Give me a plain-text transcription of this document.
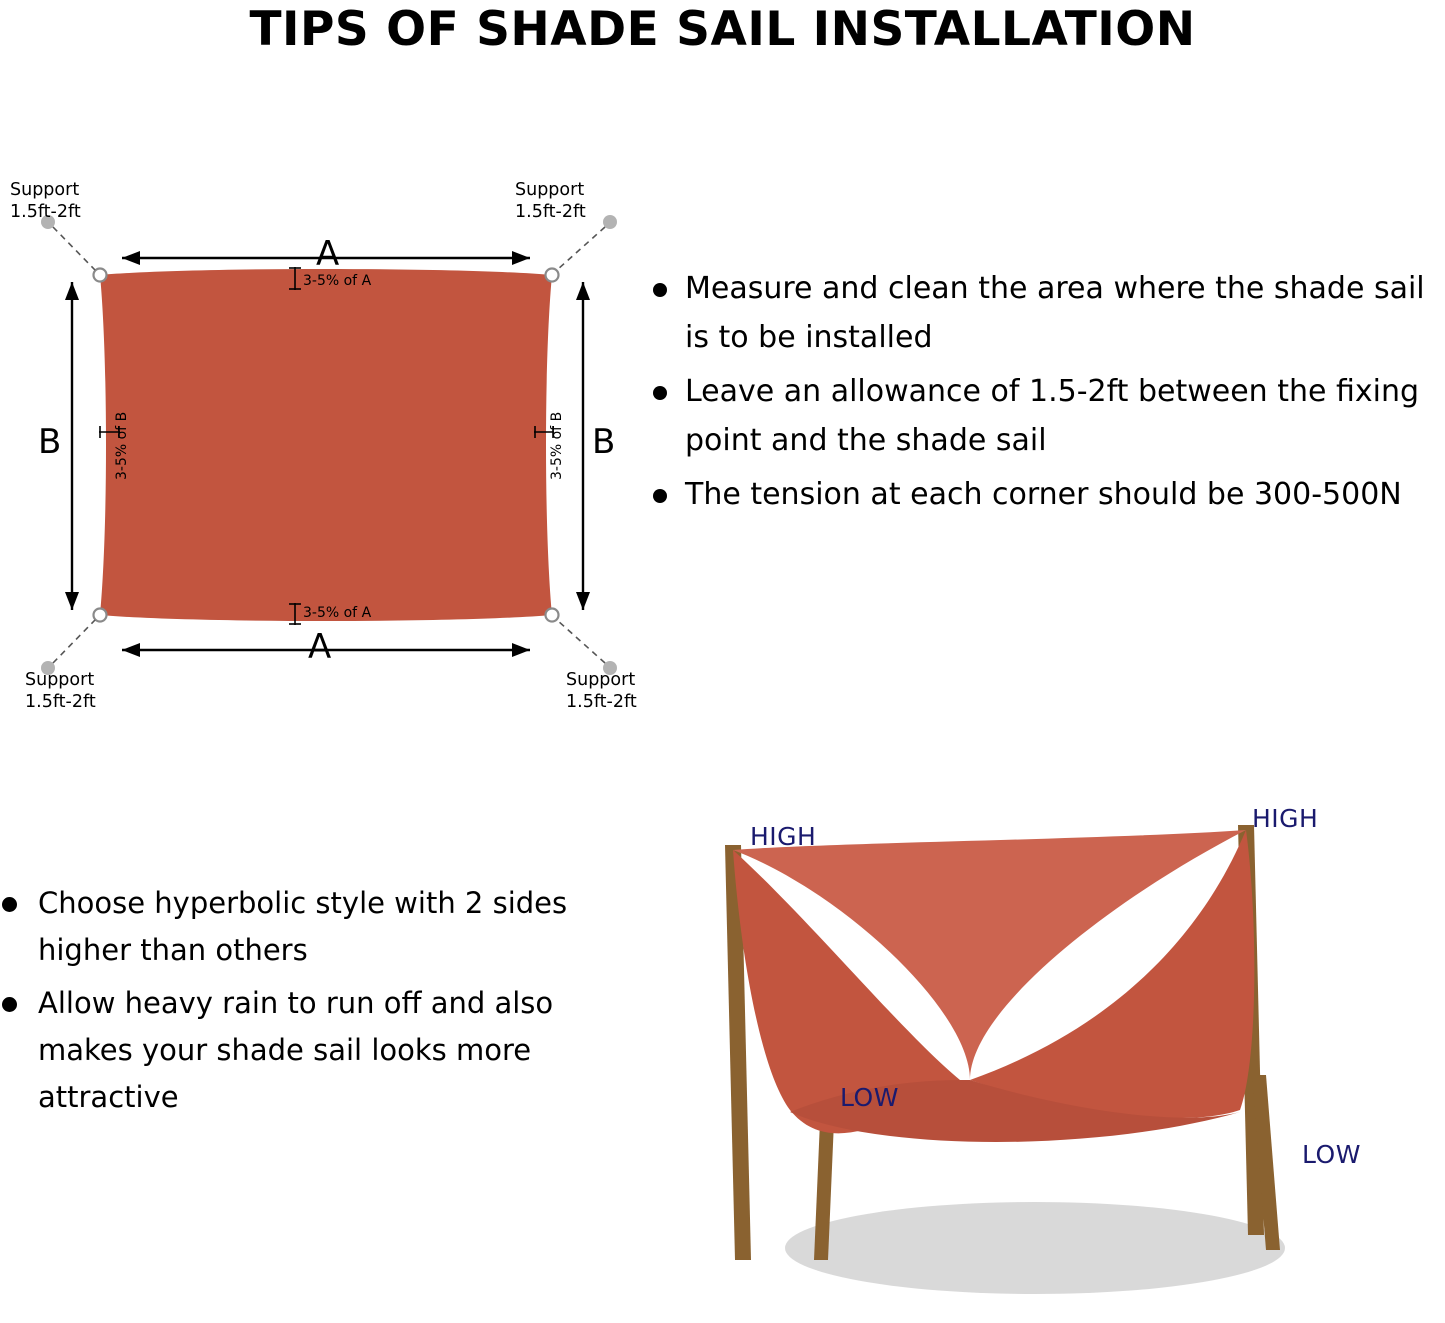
TIPS OF SHADE SAIL INSTALLATION
A
A
B	B
3-5% of A
3-5% of A
3-5% of B	3-5% of B
Support
1.5ft-2ft
Support
1.5ft-2ft
Support
1.5ft-2ft
Support
1.5ft-2ft
Measure and clean the area where the shade sail is to be installed
Leave an allowance of 1.5-2ft between the fixing point and the shade sail
The tension at each corner should be 300-500N
Choose hyperbolic style with 2 sides higher than others
Allow heavy rain to run off and also makes your shade sail looks more attractive
HIGH
HIGH
LOW
LOW
